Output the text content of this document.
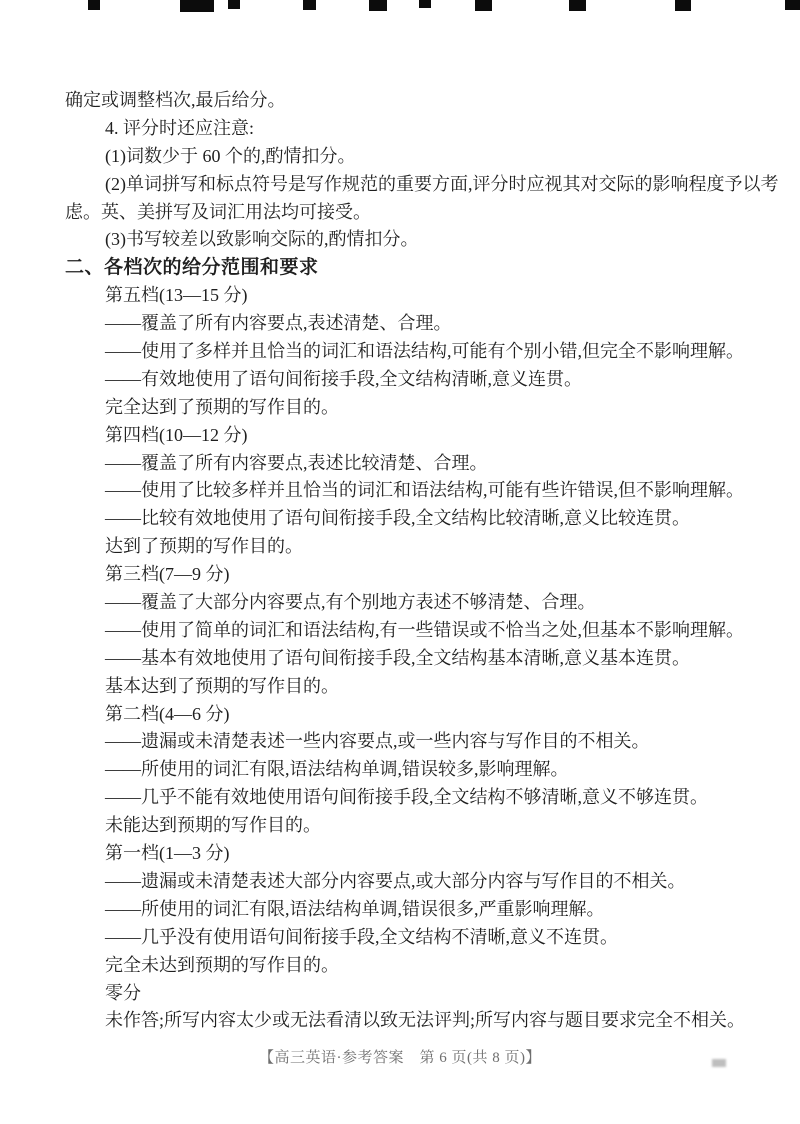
确定或调整档次,最后给分。
4. 评分时还应注意:
(1)词数少于 60 个的,酌情扣分。
(2)单词拼写和标点符号是写作规范的重要方面,评分时应视其对交际的影响程度予以考
虑。英、美拼写及词汇用法均可接受。
(3)书写较差以致影响交际的,酌情扣分。
二、各档次的给分范围和要求
第五档(13—15 分)
——覆盖了所有内容要点,表述清楚、合理。
——使用了多样并且恰当的词汇和语法结构,可能有个别小错,但完全不影响理解。
——有效地使用了语句间衔接手段,全文结构清晰,意义连贯。
完全达到了预期的写作目的。
第四档(10—12 分)
——覆盖了所有内容要点,表述比较清楚、合理。
——使用了比较多样并且恰当的词汇和语法结构,可能有些许错误,但不影响理解。
——比较有效地使用了语句间衔接手段,全文结构比较清晰,意义比较连贯。
达到了预期的写作目的。
第三档(7—9 分)
——覆盖了大部分内容要点,有个别地方表述不够清楚、合理。
——使用了简单的词汇和语法结构,有一些错误或不恰当之处,但基本不影响理解。
——基本有效地使用了语句间衔接手段,全文结构基本清晰,意义基本连贯。
基本达到了预期的写作目的。
第二档(4—6 分)
——遗漏或未清楚表述一些内容要点,或一些内容与写作目的不相关。
——所使用的词汇有限,语法结构单调,错误较多,影响理解。
——几乎不能有效地使用语句间衔接手段,全文结构不够清晰,意义不够连贯。
未能达到预期的写作目的。
第一档(1—3 分)
——遗漏或未清楚表述大部分内容要点,或大部分内容与写作目的不相关。
——所使用的词汇有限,语法结构单调,错误很多,严重影响理解。
——几乎没有使用语句间衔接手段,全文结构不清晰,意义不连贯。
完全未达到预期的写作目的。
零分
未作答;所写内容太少或无法看清以致无法评判;所写内容与题目要求完全不相关。
【高三英语·参考答案　第 6 页(共 8 页)】
